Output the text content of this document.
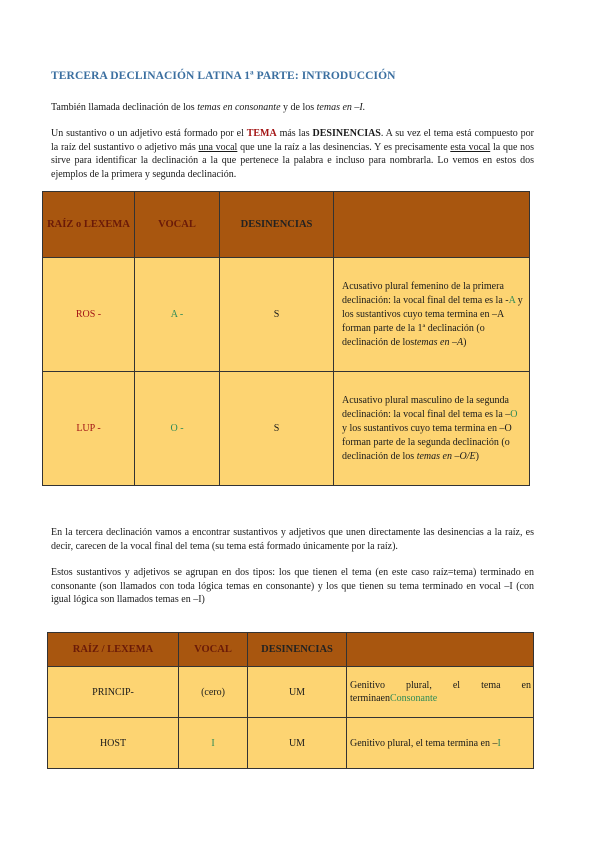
TERCERA DECLINACIÓN LATINA 1ª PARTE: INTRODUCCIÓN
También llamada declinación de los temas en consonante y de los temas en –I.
Un sustantivo o un adjetivo está formado por el TEMA más las DESINENCIAS. A su vez el tema está compuesto por la raíz del sustantivo o adjetivo más una vocal que une la raíz a las desinencias. Y es precisamente esta vocal la que nos sirve para identificar la declinación a la que pertenece la palabra e incluso para nombrarla. Lo vemos en estos dos ejemplos de la primera y segunda declinación.
RAÍZ o LEXEMA	VOCAL	DESINENCIAS	
ROS -	A -	S	Acusativo plural femenino de la primera declinación: la vocal final del tema es la -A y los sustantivos cuyo tema termina en –A forman parte de la 1ª declinación (o declinación de lostemas en –A)
LUP -	O -	S	Acusativo plural masculino de la segunda declinación: la vocal final del tema es la –O y los sustantivos cuyo tema termina en –O forman parte de la segunda declinación (o declinación de los temas en –O/E)
En la tercera declinación vamos a encontrar sustantivos y adjetivos que unen directamente las desinencias a la raíz, es decir, carecen de la vocal final del tema (su tema está formado únicamente por la raíz).
Estos sustantivos y adjetivos se agrupan en dos tipos: los que tienen el tema (en este caso raíz=tema) terminado en consonante (son llamados con toda lógica temas en consonante) y los que tienen su tema terminado en vocal –I (con igual lógica son llamados temas en –I)
RAÍZ / LEXEMA	VOCAL	DESINENCIAS	
PRINCIP-	(cero)	UM	Genitivo plural, el tema en terminaenConsonante
HOST	I	UM	Genitivo plural, el tema termina en –I
